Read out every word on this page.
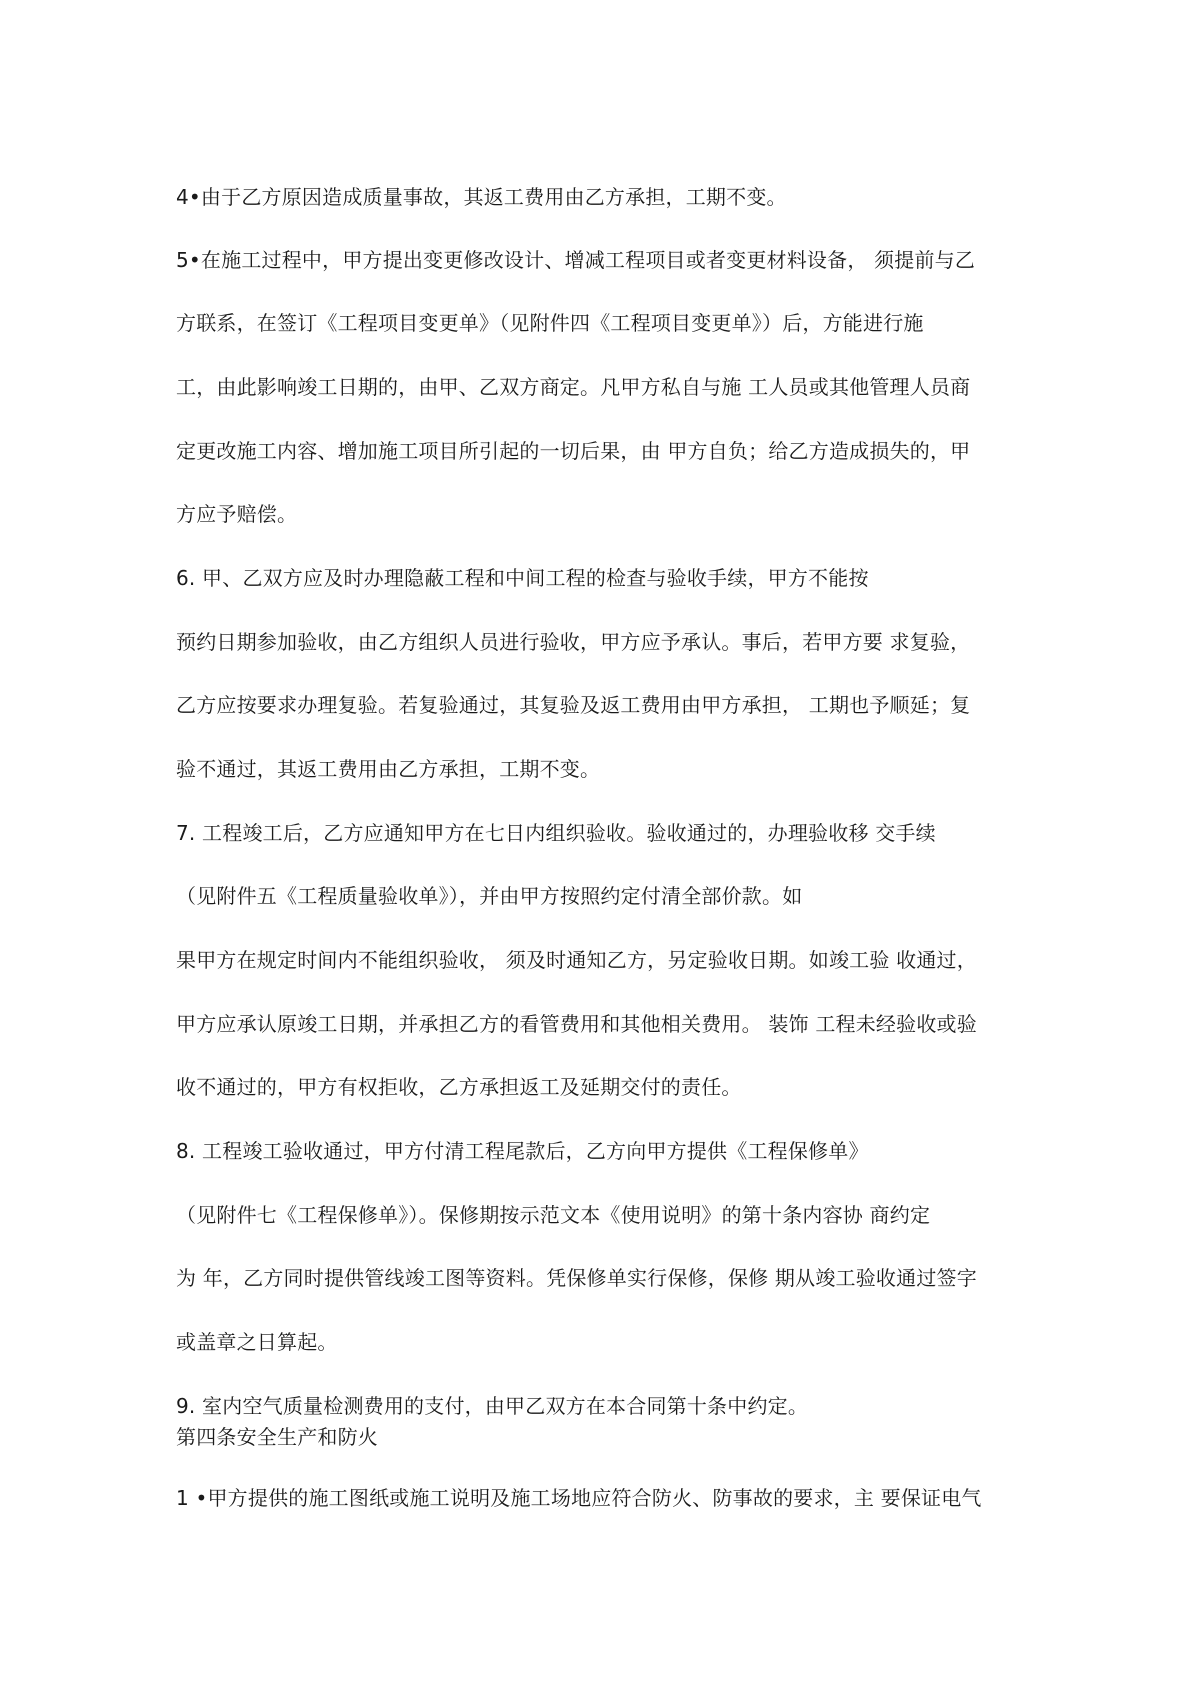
4•由于乙方原因造成质量事故，其返工费用由乙方承担，工期不变。
5•在施工过程中，甲方提出变更修改设计、增减工程项目或者变更材料设备， 须提前与乙
方联系，在签订《工程项目变更单》（见附件四《工程项目变更单》）后，方能进行施
工，由此影响竣工日期的，由甲、乙双方商定。凡甲方私自与施 工人员或其他管理人员商
定更改施工内容、增加施工项目所引起的一切后果，由 甲方自负；给乙方造成损失的，甲
方应予赔偿。
6. 甲、乙双方应及时办理隐蔽工程和中间工程的检查与验收手续，甲方不能按
预约日期参加验收，由乙方组织人员进行验收，甲方应予承认。事后，若甲方要 求复验，
乙方应按要求办理复验。若复验通过，其复验及返工费用由甲方承担， 工期也予顺延；复
验不通过，其返工费用由乙方承担，工期不变。
7. 工程竣工后，乙方应通知甲方在七日内组织验收。验收通过的，办理验收移 交手续
（见附件五《工程质量验收单》），并由甲方按照约定付清全部价款。如
果甲方在规定时间内不能组织验收， 须及时通知乙方，另定验收日期。如竣工验 收通过，
甲方应承认原竣工日期，并承担乙方的看管费用和其他相关费用。 装饰 工程未经验收或验
收不通过的，甲方有权拒收，乙方承担返工及延期交付的责任。
8. 工程竣工验收通过，甲方付清工程尾款后，乙方向甲方提供《工程保修单》
（见附件七《工程保修单》）。保修期按示范文本《使用说明》的第十条内容协 商约定
为 年，乙方同时提供管线竣工图等资料。凭保修单实行保修，保修 期从竣工验收通过签字
或盖章之日算起。
9. 室内空气质量检测费用的支付，由甲乙双方在本合同第十条中约定。
第四条安全生产和防火
1 •甲方提供的施工图纸或施工说明及施工场地应符合防火、防事故的要求，主 要保证电气
